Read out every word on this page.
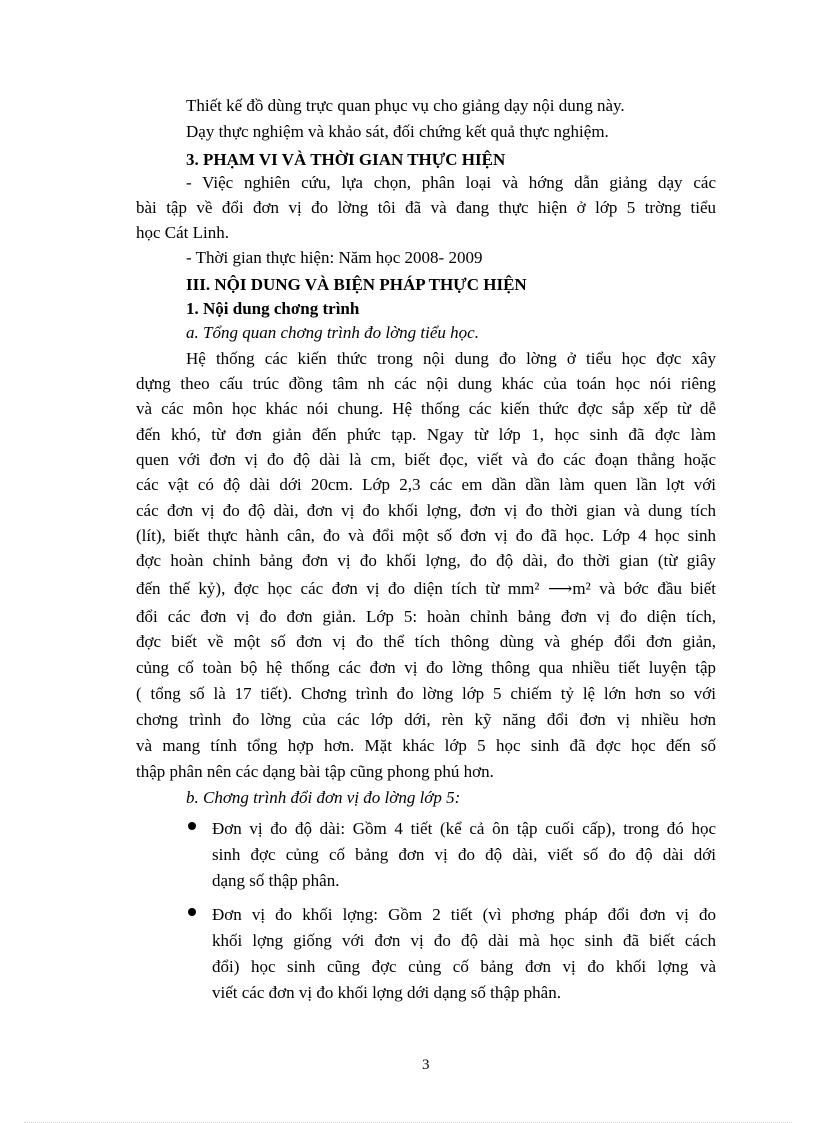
Thiết kế đồ dùng trực quan phục vụ cho giảng dạy nội dung này.
Dạy thực nghiệm và khảo sát, đối chứng kết quả thực nghiệm.
3. PHẠM VI VÀ THỜI GIAN THỰC HIỆN
- Việc nghiên cứu, lựa chọn, phân loại và hớng dẫn giảng dạy các
bài tập về đổi đơn vị đo lờng tôi đã và đang thực hiện ở lớp 5 trờng tiểu
học Cát Linh.
- Thời gian thực hiện: Năm học 2008- 2009
III. NỘI DUNG VÀ BIỆN PHÁP THỰC HIỆN
1. Nội dung chơng trình
a. Tổng quan chơng trình đo lờng tiểu học.
Hệ thống các kiến thức trong nội dung đo lờng ở tiểu học đợc xây
dựng theo cấu trúc đồng tâm nh các nội dung khác của toán học nói riêng
và các môn học khác nói chung. Hệ thống các kiến thức đợc sắp xếp từ dễ
đến khó, từ đơn giản đến phức tạp. Ngay từ lớp 1, học sinh đã đợc làm
quen với đơn vị đo độ dài là cm, biết đọc, viết và đo các đoạn thẳng hoặc
các vật có độ dài dới 20cm. Lớp 2,3 các em dần dần làm quen lần lợt với
các đơn vị đo độ dài, đơn vị đo khối lợng, đơn vị đo thời gian và dung tích
(lít), biết thực hành cân, đo và đổi một số đơn vị đo đã học. Lớp 4 học sinh
đợc hoàn chỉnh bảng đơn vị đo khối lợng, đo độ dài, đo thời gian (từ giây
đến thế kỷ), đợc học các đơn vị đo diện tích từ mm² ⟶m² và bớc đầu biết
đổi các đơn vị đo đơn giản. Lớp 5: hoàn chỉnh bảng đơn vị đo diện tích,
đợc biết về một số đơn vị đo thể tích thông dùng và ghép đổi đơn giản,
củng cố toàn bộ hệ thống các đơn vị đo lờng thông qua nhiều tiết luyện tập
( tổng số là 17 tiết). Chơng trình đo lờng lớp 5 chiếm tỷ lệ lớn hơn so với
chơng trình đo lờng của các lớp dới, rèn kỹ năng đổi đơn vị nhiều hơn
và mang tính tổng hợp hơn. Mặt khác lớp 5 học sinh đã đợc học đến số
thập phân nên các dạng bài tập cũng phong phú hơn.
b. Chơng trình đổi đơn vị đo lờng lớp 5:
Đơn vị đo độ dài: Gồm 4 tiết (kể cả ôn tập cuối cấp), trong đó học
sinh đợc củng cố bảng đơn vị đo độ dài, viết số đo độ dài dới
dạng số thập phân.
Đơn vị đo khối lợng: Gồm 2 tiết (vì phơng pháp đổi đơn vị đo
khối lợng giống với đơn vị đo độ dài mà học sinh đã biết cách
đổi) học sinh cũng đợc củng cố bảng đơn vị đo khối lợng và
viết các đơn vị đo khối lợng dới dạng số thập phân.
3
